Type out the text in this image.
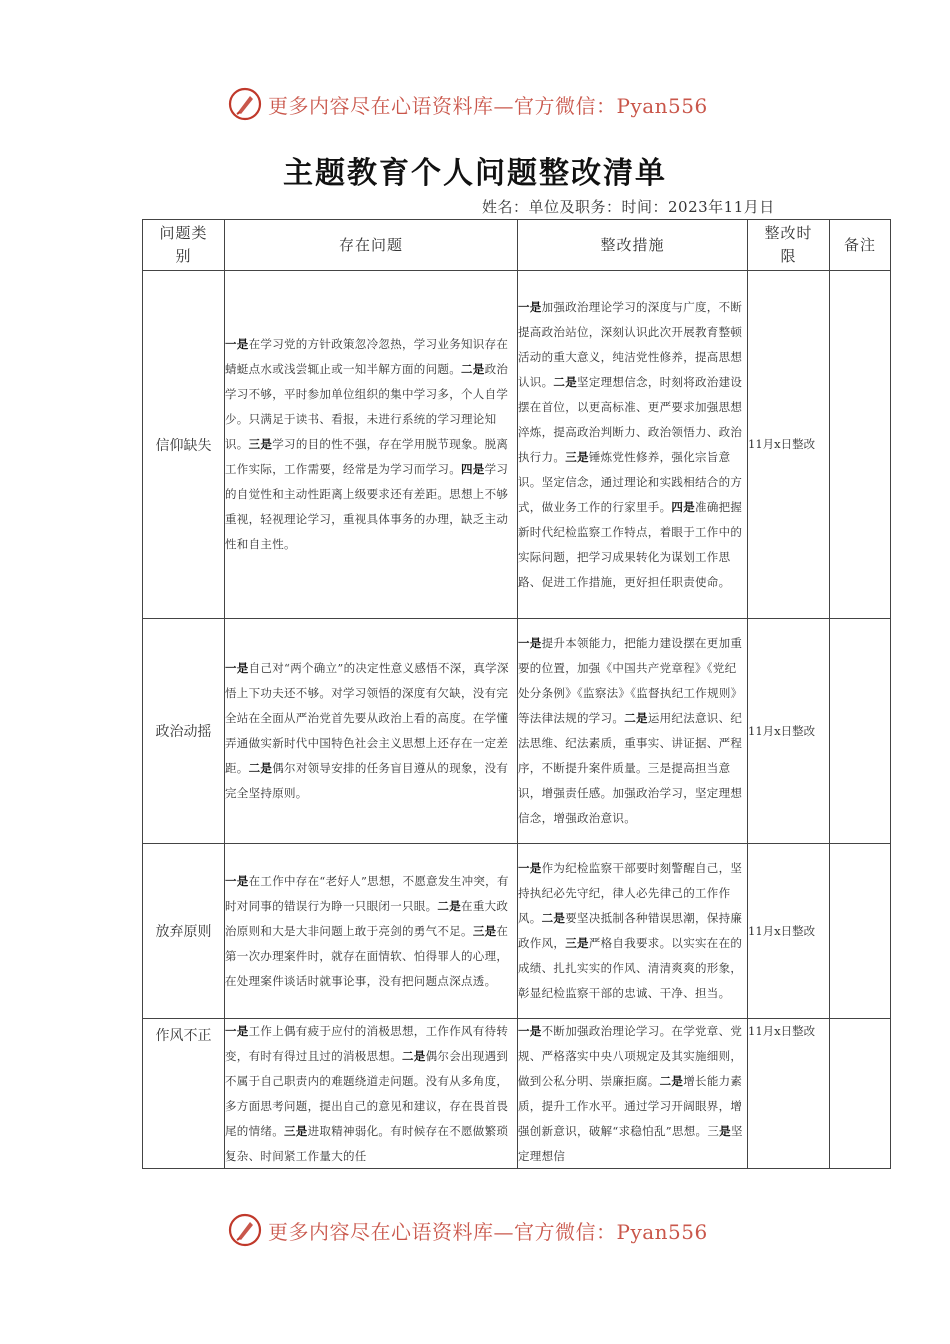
更多内容尽在心语资料库—官方微信：Pyan556
主题教育个人问题整改清单
姓名：单位及职务：时间：2023年11月日
问题类别	存在问题	整改措施	整改时限	备注
信仰缺失	一是在学习党的方针政策忽冷忽热，学习业务知识存在蜻蜓点水或浅尝辄止或一知半解方面的问题。二是政治学习不够，平时参加单位组织的集中学习多，个人自学少。只满足于读书、看报，未进行系统的学习理论知识。三是学习的目的性不强，存在学用脱节现象。脱离工作实际，工作需要，经常是为学习而学习。四是学习的自觉性和主动性距离上级要求还有差距。思想上不够重视，轻视理论学习，重视具体事务的办理，缺乏主动性和自主性。	一是加强政治理论学习的深度与广度，不断提高政治站位，深刻认识此次开展教育整顿活动的重大意义，纯洁党性修养，提高思想认识。二是坚定理想信念，时刻将政治建设摆在首位，以更高标准、更严要求加强思想淬炼，提高政治判断力、政治领悟力、政治执行力。三是锤炼党性修养，强化宗旨意识。坚定信念，通过理论和实践相结合的方式，做业务工作的行家里手。四是准确把握新时代纪检监察工作特点，着眼于工作中的实际问题，把学习成果转化为谋划工作思路、促进工作措施，更好担任职责使命。	11月x日整改	
政治动摇	一是自己对“两个确立”的决定性意义感悟不深，真学深悟上下功夫还不够。对学习领悟的深度有欠缺，没有完全站在全面从严治党首先要从政治上看的高度。在学懂弄通做实新时代中国特色社会主义思想上还存在一定差距。二是偶尔对领导安排的任务盲目遵从的现象，没有完全坚持原则。	一是提升本领能力，把能力建设摆在更加重要的位置，加强《中国共产党章程》《党纪处分条例》《监察法》《监督执纪工作规则》等法律法规的学习。二是运用纪法意识、纪法思维、纪法素质，重事实、讲证据、严程序，不断提升案件质量。三是提高担当意识，增强责任感。加强政治学习，坚定理想信念，增强政治意识。	11月x日整改	
放弃原则	一是在工作中存在“老好人”思想，不愿意发生冲突，有时对同事的错误行为睁一只眼闭一只眼。二是在重大政治原则和大是大非问题上敢于亮剑的勇气不足。三是在第一次办理案件时，就存在面情软、怕得罪人的心理，在处理案件谈话时就事论事，没有把问题点深点透。	一是作为纪检监察干部要时刻警醒自己，坚持执纪必先守纪，律人必先律己的工作作风。二是要坚决抵制各种错误思潮，保持廉政作风，三是严格自我要求。以实实在在的成绩、扎扎实实的作风、清清爽爽的形象，彰显纪检监察干部的忠诚、干净、担当。	11月x日整改	
作风不正	一是工作上偶有疲于应付的消极思想，工作作风有待转变，有时有得过且过的消极思想。二是偶尔会出现遇到不属于自己职责内的难题绕道走问题。没有从多角度，多方面思考问题，提出自己的意见和建议，存在畏首畏尾的情绪。三是进取精神弱化。有时候存在不愿做繁琐复杂、时间紧工作量大的任	一是不断加强政治理论学习。在学党章、党规、严格落实中央八项规定及其实施细则，做到公私分明、崇廉拒腐。二是增长能力素质，提升工作水平。通过学习开阔眼界，增强创新意识，破解“求稳怕乱”思想。三是坚定理想信	11月x日整改	
更多内容尽在心语资料库—官方微信：Pyan556
